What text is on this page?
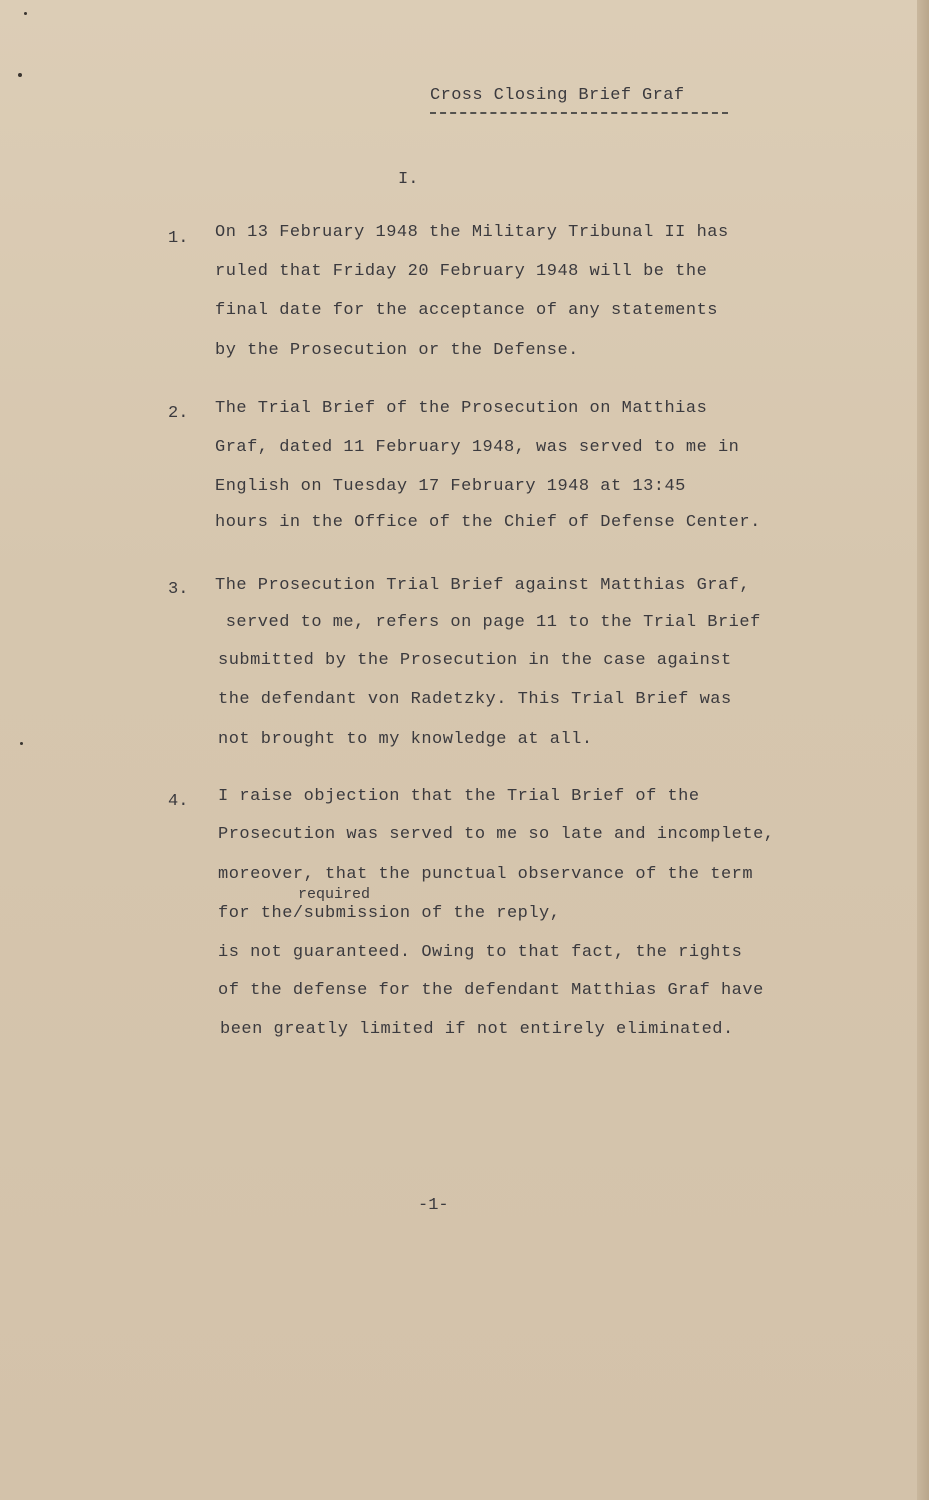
Cross Closing Brief Graf
I.
1. On 13 February 1948 the Military Tribunal II has
ruled that Friday 20 February 1948 will be the
final date for the acceptance of any statements
by the Prosecution or the Defense.
2. The Trial Brief of the Prosecution on Matthias
Graf, dated 11 February 1948, was served to me in
English on Tuesday 17 February 1948 at 13:45
hours in the Office of the Chief of Defense Center.
3. The Prosecution Trial Brief against Matthias Graf,
served to me, refers on page 11 to the Trial Brief
submitted by the Prosecution in the case against
the defendant von Radetzky. This Trial Brief was
not brought to my knowledge at all.
4. I raise objection that the Trial Brief of the
Prosecution was served to me so late and incomplete,
moreover, that the punctual observance of the term
required
for the/submission of the reply,
is not guaranteed. Owing to that fact, the rights
of the defense for the defendant Matthias Graf have
been greatly limited if not entirely eliminated.
-1-
